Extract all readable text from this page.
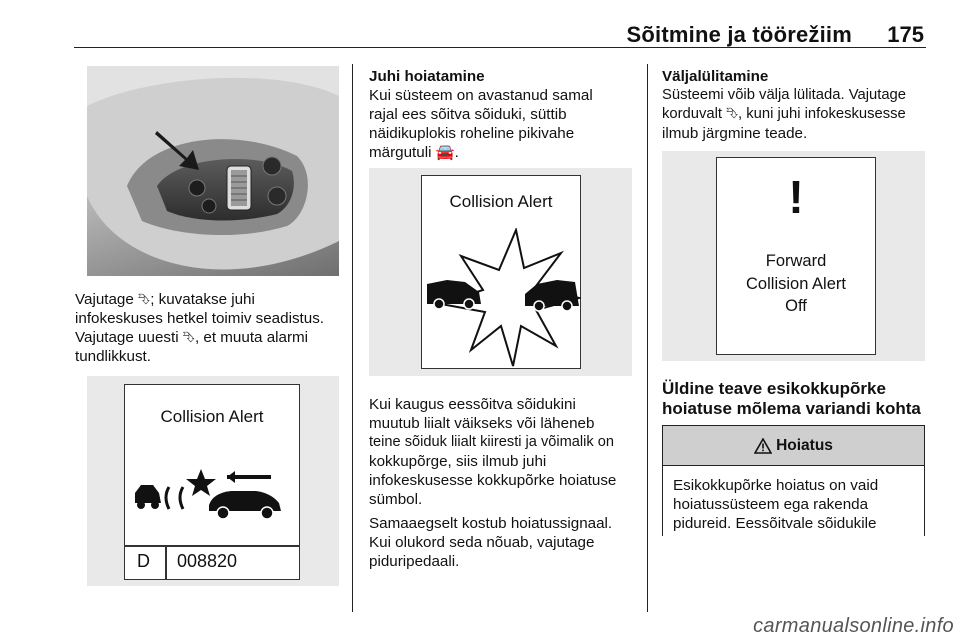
Sõitmine ja töörežiim 175
Vajutage ⮷; kuvatakse juhi
infokeskuses hetkel toimiv seadistus.
Vajutage uuesti ⮷, et muuta alarmi
tundlikkust.
Collision Alert
D 008820
Juhi hoiatamine
Kui süsteem on avastanud samal
rajal ees sõitva sõiduki, süttib
näidikuplokis roheline pikivahe
märgutuli 🚘.
Collision Alert
Kui kaugus eessõitva sõidukini
muutub liialt väikseks või läheneb
teine sõiduk liialt kiiresti ja võimalik on
kokkupõrge, siis ilmub juhi
infokeskusesse kokkupõrke hoiatuse
sümbol.
Samaaegselt kostub hoiatussignaal.
Kui olukord seda nõuab, vajutage
piduripedaali.
Väljalülitamine
Süsteemi võib välja lülitada. Vajutage
korduvalt ⮷, kuni juhi infokeskusesse
ilmub järgmine teade.
!
Forward
Collision Alert
Off
Üldine teave esikokkupõrke
hoiatuse mõlema variandi kohta
Hoiatus
Esikokkupõrke hoiatus on vaid
hoiatussüsteem ega rakenda
pidureid. Eessõitvale sõidukile
carmanualsonline.info
